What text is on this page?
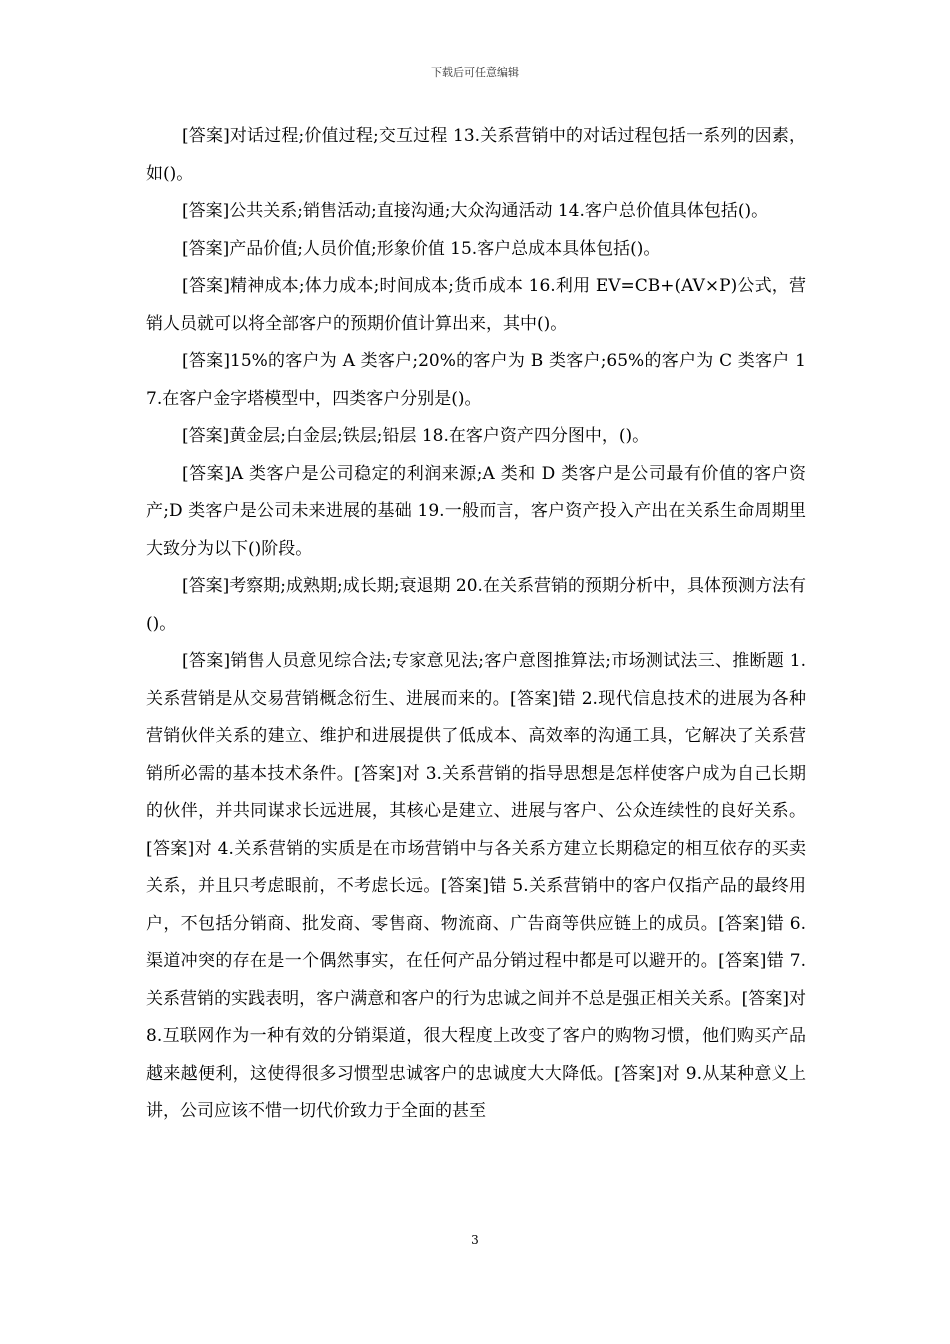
下载后可任意编辑

[答案]对话过程;价值过程;交互过程 13.关系营销中的对话过程包括一系列的因素，如()。

[答案]公共关系;销售活动;直接沟通;大众沟通活动 14.客户总价值具体包括()。

[答案]产品价值;人员价值;形象价值 15.客户总成本具体包括()。

[答案]精神成本;体力成本;时间成本;货币成本 16.利用 EV=CB+(AV×P)公式，营销人员就可以将全部客户的预期价值计算出来，其中()。

[答案]15%的客户为 A 类客户;20%的客户为 B 类客户;65%的客户为 C 类客户 17.在客户金字塔模型中，四类客户分别是()。

[答案]黄金层;白金层;铁层;铅层 18.在客户资产四分图中，()。

[答案]A 类客户是公司稳定的利润来源;A 类和 D 类客户是公司最有价值的客户资产;D 类客户是公司未来进展的基础 19.一般而言，客户资产投入产出在关系生命周期里大致分为以下()阶段。

[答案]考察期;成熟期;成长期;衰退期 20.在关系营销的预期分析中，具体预测方法有()。

[答案]销售人员意见综合法;专家意见法;客户意图推算法;市场测试法三、推断题 1.关系营销是从交易营销概念衍生、进展而来的。[答案]错 2.现代信息技术的进展为各种营销伙伴关系的建立、维护和进展提供了低成本、高效率的沟通工具，它解决了关系营销所必需的基本技术条件。[答案]对 3.关系营销的指导思想是怎样使客户成为自己长期的伙伴，并共同谋求长远进展，其核心是建立、进展与客户、公众连续性的良好关系。[答案]对 4.关系营销的实质是在市场营销中与各关系方建立长期稳定的相互依存的买卖关系，并且只考虑眼前，不考虑长远。[答案]错 5.关系营销中的客户仅指产品的最终用户，不包括分销商、批发商、零售商、物流商、广告商等供应链上的成员。[答案]错 6.渠道冲突的存在是一个偶然事实，在任何产品分销过程中都是可以避开的。[答案]错 7.关系营销的实践表明，客户满意和客户的行为忠诚之间并不总是强正相关关系。[答案]对 8.互联网作为一种有效的分销渠道，很大程度上改变了客户的购物习惯，他们购买产品越来越便利，这使得很多习惯型忠诚客户的忠诚度大大降低。[答案]对 9.从某种意义上讲，公司应该不惜一切代价致力于全面的甚至

3
